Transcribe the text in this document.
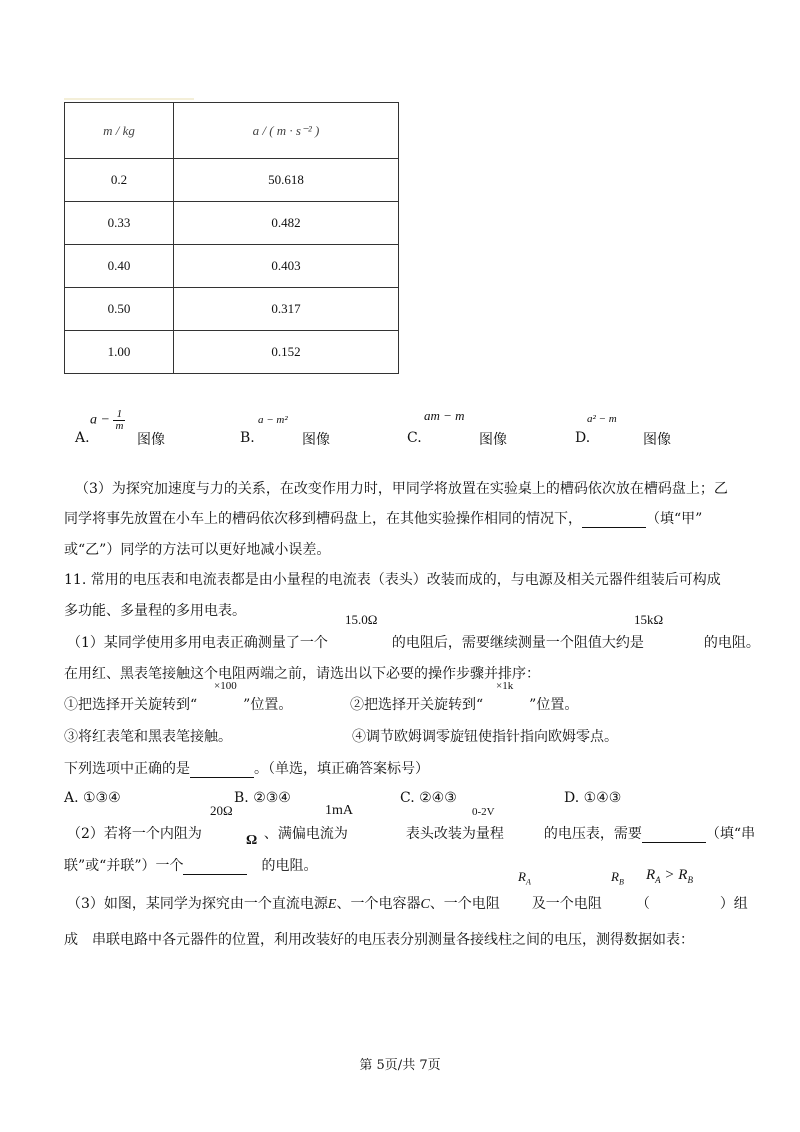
m / kg	a / ( m · s⁻² )
0.2	50.618
0.33	0.482
0.40	0.403
0.50	0.317
1.00	0.152
A.
$a - \frac{1}{m}$
图像	B.
a − m²
图像	C.
am − m
图像	D.
a² − m
图像
（3）为探究加速度与力的关系，在改变作用力时，甲同学将放置在实验桌上的槽码依次放在槽码盘上；乙
同学将事先放置在小车上的槽码依次移到槽码盘上，在其他实验操作相同的情况下，	（填“甲”
或“乙”）同学的方法可以更好地减小误差。
11. 常用的电压表和电流表都是由小量程的电流表（表头）改装而成的，与电源及相关元器件组装后可构成
多功能、多量程的多用电表。
（1）某同学使用多用电表正确测量了一个	的电阻后，需要继续测量一个阻值大约是	的电阻。
15.0Ω	15kΩ
在用红、黑表笔接触这个电阻两端之前，请选出以下必要的操作步骤并排序：
①把选择开关旋转到“	”位置。
×100
②把选择开关旋转到“	”位置。
×1k
③将红表笔和黑表笔接触。	④调节欧姆调零旋钮使指针指向欧姆零点。
下列选项中正确的是	。（单选，填正确答案标号）
A. ①③④	B. ②③④	C. ②④③	D. ①④③
20Ω	1mA	0-2V
Ω
（2）若将一个内阻为	、满偏电流为	表头改装为量程	的电压表，需要	（填“串
联”或“并联”）一个	的电阻。
$R_A$	$R_B$ $R_A > R_B$
（3）如图，某同学为探究由一个直流电源E、一个电容器C、一个电阻 及一个电阻 （	）组
成　串联电路中各元器件的位置，利用改装好的电压表分别测量各接线柱之间的电压，测得数据如表：
第 5页/共 7页
